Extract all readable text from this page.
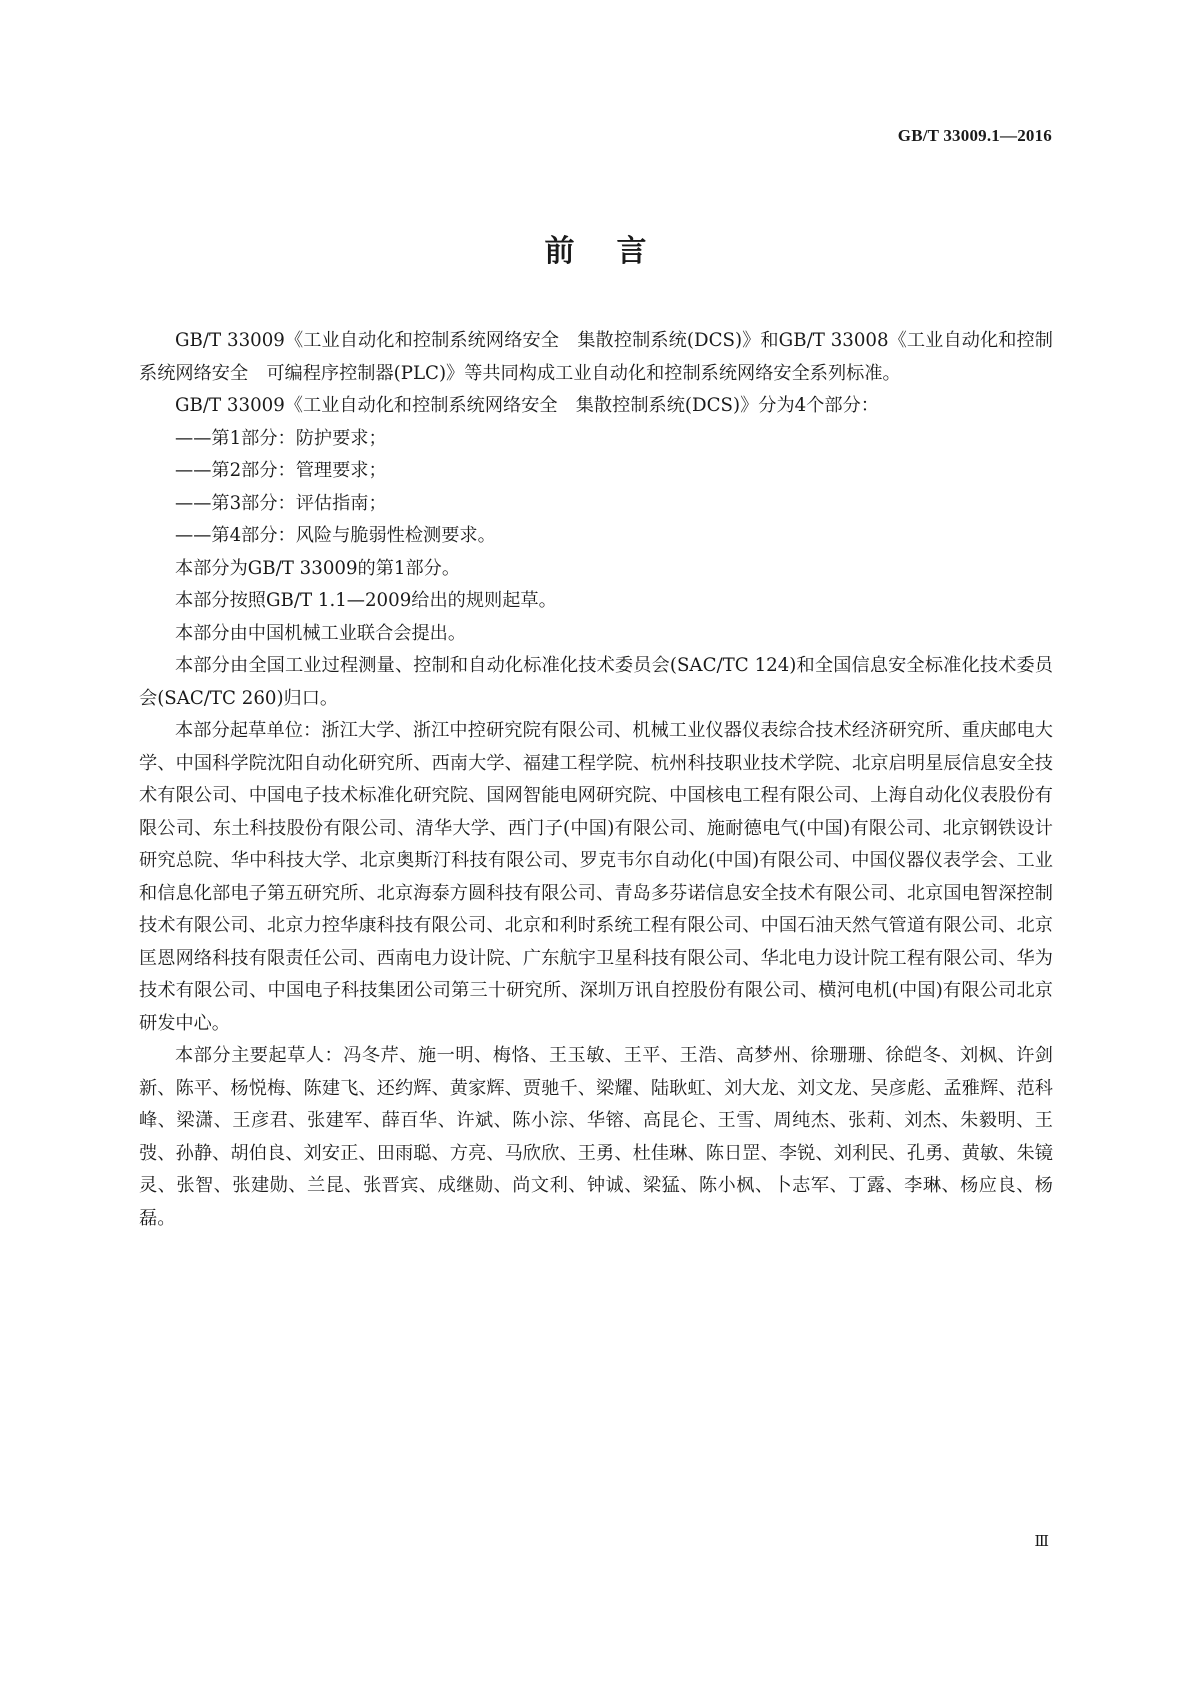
GB/T 33009.1—2016
前言

GB/T 33009《工业自动化和控制系统网络安全　集散控制系统(DCS)》和GB/T 33008《工业自动化和控制系统网络安全　可编程序控制器(PLC)》等共同构成工业自动化和控制系统网络安全系列标准。

GB/T 33009《工业自动化和控制系统网络安全　集散控制系统(DCS)》分为4个部分：

——第1部分：防护要求；

——第2部分：管理要求；

——第3部分：评估指南；

——第4部分：风险与脆弱性检测要求。

本部分为GB/T 33009的第1部分。

本部分按照GB/T 1.1—2009给出的规则起草。

本部分由中国机械工业联合会提出。

本部分由全国工业过程测量、控制和自动化标准化技术委员会(SAC/TC 124)和全国信息安全标准化技术委员会(SAC/TC 260)归口。

本部分起草单位：浙江大学、浙江中控研究院有限公司、机械工业仪器仪表综合技术经济研究所、重庆邮电大学、中国科学院沈阳自动化研究所、西南大学、福建工程学院、杭州科技职业技术学院、北京启明星辰信息安全技术有限公司、中国电子技术标准化研究院、国网智能电网研究院、中国核电工程有限公司、上海自动化仪表股份有限公司、东土科技股份有限公司、清华大学、西门子(中国)有限公司、施耐德电气(中国)有限公司、北京钢铁设计研究总院、华中科技大学、北京奥斯汀科技有限公司、罗克韦尔自动化(中国)有限公司、中国仪器仪表学会、工业和信息化部电子第五研究所、北京海泰方圆科技有限公司、青岛多芬诺信息安全技术有限公司、北京国电智深控制技术有限公司、北京力控华康科技有限公司、北京和利时系统工程有限公司、中国石油天然气管道有限公司、北京匡恩网络科技有限责任公司、西南电力设计院、广东航宇卫星科技有限公司、华北电力设计院工程有限公司、华为技术有限公司、中国电子科技集团公司第三十研究所、深圳万讯自控股份有限公司、横河电机(中国)有限公司北京研发中心。

本部分主要起草人：冯冬芹、施一明、梅恪、王玉敏、王平、王浩、高梦州、徐珊珊、徐皑冬、刘枫、许剑新、陈平、杨悦梅、陈建飞、还约辉、黄家辉、贾驰千、梁耀、陆耿虹、刘大龙、刘文龙、吴彦彪、孟雅辉、范科峰、梁潇、王彦君、张建军、薛百华、许斌、陈小淙、华镕、高昆仑、王雪、周纯杰、张莉、刘杰、朱毅明、王弢、孙静、胡伯良、刘安正、田雨聪、方亮、马欣欣、王勇、杜佳琳、陈日罡、李锐、刘利民、孔勇、黄敏、朱镜灵、张智、张建勋、兰昆、张晋宾、成继勋、尚文利、钟诚、梁猛、陈小枫、卜志军、丁露、李琳、杨应良、杨磊。

Ⅲ
